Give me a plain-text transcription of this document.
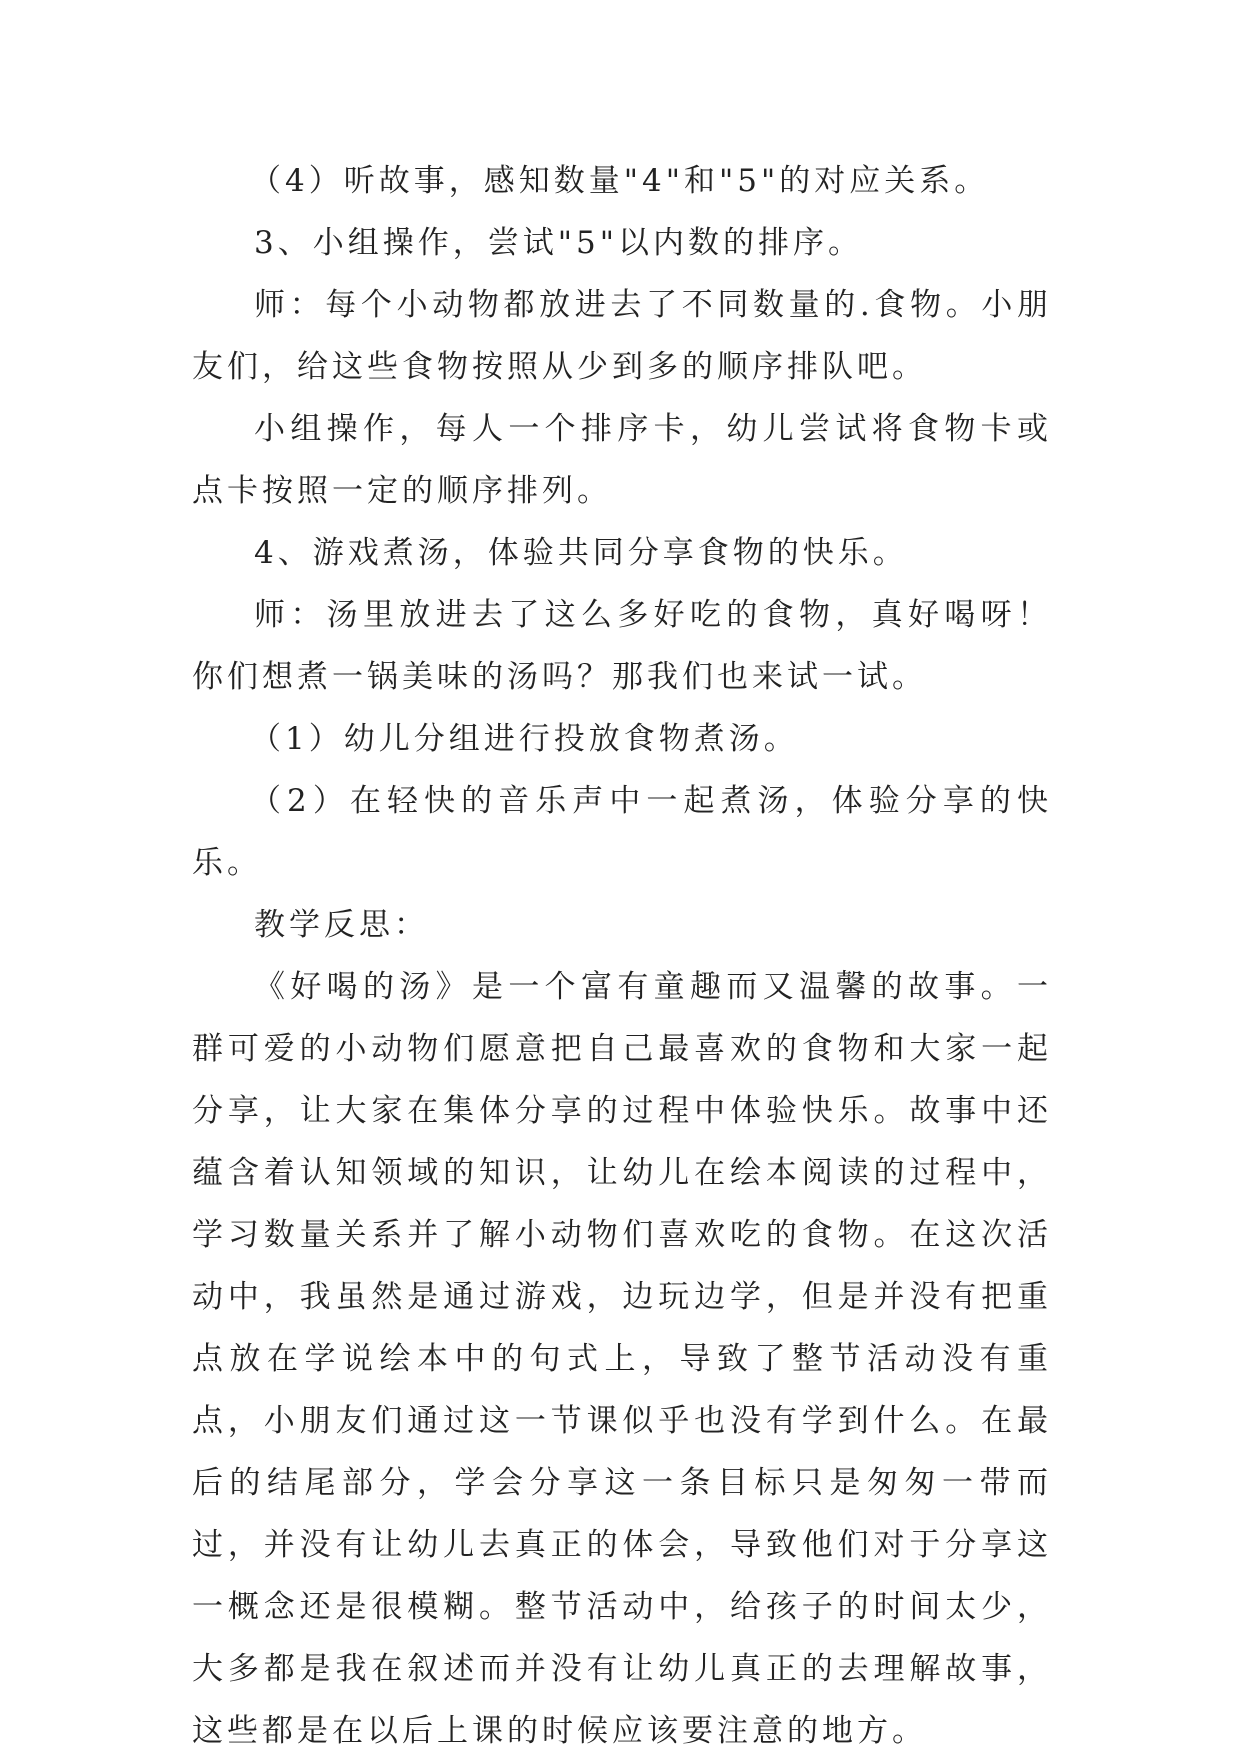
（4）听故事，感知数量"4"和"5"的对应关系。

3、小组操作，尝试"5"以内数的排序。

师：每个小动物都放进去了不同数量的.食物。小朋友们，给这些食物按照从少到多的顺序排队吧。

小组操作，每人一个排序卡，幼儿尝试将食物卡或点卡按照一定的顺序排列。

4、游戏煮汤，体验共同分享食物的快乐。

师：汤里放进去了这么多好吃的食物，真好喝呀！你们想煮一锅美味的汤吗？那我们也来试一试。

（1）幼儿分组进行投放食物煮汤。

（2）在轻快的音乐声中一起煮汤，体验分享的快乐。

教学反思：

《好喝的汤》是一个富有童趣而又温馨的故事。一群可爱的小动物们愿意把自己最喜欢的食物和大家一起分享，让大家在集体分享的过程中体验快乐。故事中还蕴含着认知领域的知识，让幼儿在绘本阅读的过程中，学习数量关系并了解小动物们喜欢吃的食物。在这次活动中，我虽然是通过游戏，边玩边学，但是并没有把重点放在学说绘本中的句式上，导致了整节活动没有重点，小朋友们通过这一节课似乎也没有学到什么。在最后的结尾部分，学会分享这一条目标只是匆匆一带而过，并没有让幼儿去真正的体会，导致他们对于分享这一概念还是很模糊。整节活动中，给孩子的时间太少，大多都是我在叙述而并没有让幼儿真正的去理解故事，这些都是在以后上课的时候应该要注意的地方。
